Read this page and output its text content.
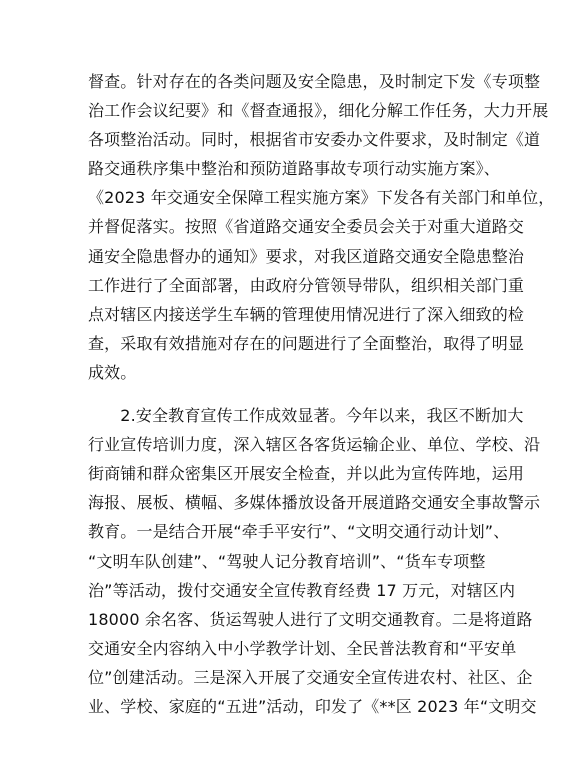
督查。针对存在的各类问题及安全隐患，及时制定下发《专项整
治工作会议纪要》和《督查通报》，细化分解工作任务，大力开展
各项整治活动。同时，根据省市安委办文件要求，及时制定《道
路交通秩序集中整治和预防道路事故专项行动实施方案》、
《2023 年交通安全保障工程实施方案》下发各有关部门和单位，
并督促落实。按照《省道路交通安全委员会关于对重大道路交
通安全隐患督办的通知》要求，对我区道路交通安全隐患整治
工作进行了全面部署，由政府分管领导带队，组织相关部门重
点对辖区内接送学生车辆的管理使用情况进行了深入细致的检
查，采取有效措施对存在的问题进行了全面整治，取得了明显
成效。
　　2.安全教育宣传工作成效显著。今年以来，我区不断加大
行业宣传培训力度，深入辖区各客货运输企业、单位、学校、沿
街商铺和群众密集区开展安全检查，并以此为宣传阵地，运用
海报、展板、横幅、多媒体播放设备开展道路交通安全事故警示
教育。一是结合开展“牵手平安行”、“文明交通行动计划”、
“文明车队创建”、“驾驶人记分教育培训”、“货车专项整
治”等活动，拨付交通安全宣传教育经费 17 万元，对辖区内
18000 余名客、货运驾驶人进行了文明交通教育。二是将道路
交通安全内容纳入中小学教学计划、全民普法教育和“平安单
位”创建活动。三是深入开展了交通安全宣传进农村、社区、企
业、学校、家庭的“五进”活动，印发了《**区 2023 年“文明交
